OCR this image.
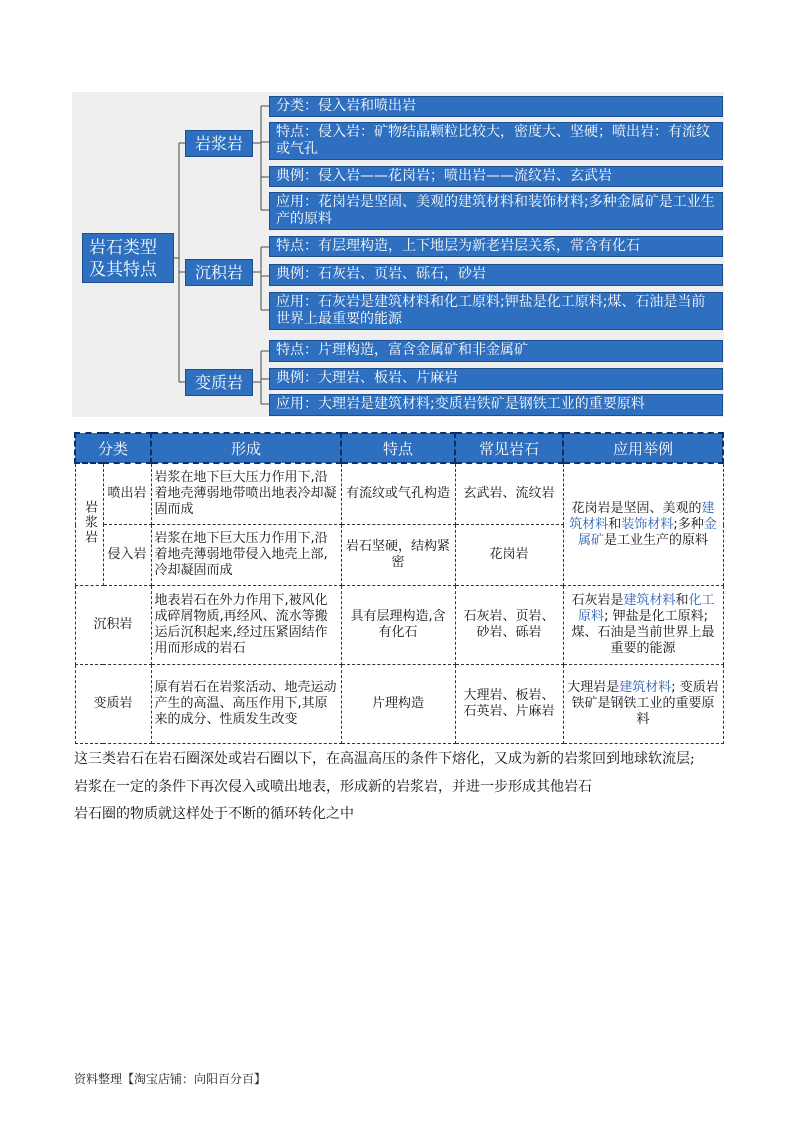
岩石类型及其特点
岩浆岩
沉积岩
变质岩
分类：侵入岩和喷出岩
特点：侵入岩：矿物结晶颗粒比较大，密度大、坚硬；喷出岩：有流纹或气孔
典例：侵入岩——花岗岩；喷出岩——流纹岩、玄武岩
应用：花岗岩是坚固、美观的建筑材料和装饰材料;多种金属矿是工业生产的原料
特点：有层理构造，上下地层为新老岩层关系，常含有化石
典例：石灰岩、页岩、砾石，砂岩
应用：石灰岩是建筑材料和化工原料;钾盐是化工原料;煤、石油是当前世界上最重要的能源
特点：片理构造，富含金属矿和非金属矿
典例：大理岩、板岩、片麻岩
应用：大理岩是建筑材料;变质岩铁矿是钢铁工业的重要原料
分类		形成	特点	常见岩石	应用举例
岩浆岩	喷出岩	岩浆在地下巨大压力作用下,沿着地壳薄弱地带喷出地表冷却凝固而成	有流纹或气孔构造	玄武岩、流纹岩	花岗岩是坚固、美观的建筑材料和装饰材料;多种金属矿是工业生产的原料
	侵入岩	岩浆在地下巨大压力作用下,沿着地壳薄弱地带侵入地壳上部,冷却凝固而成	岩石坚硬，结构紧密	花岗岩	
沉积岩		地表岩石在外力作用下,被风化成碎屑物质,再经风、流水等搬运后沉积起来,经过压紧固结作用而形成的岩石	具有层理构造,含有化石	石灰岩、页岩、砂岩、砾岩	石灰岩是建筑材料和化工原料; 钾盐是化工原料;煤、石油是当前世界上最重要的能源
变质岩		原有岩石在岩浆活动、地壳运动产生的高温、高压作用下,其原来的成分、性质发生改变	片理构造	大理岩、板岩、石英岩、片麻岩	大理岩是建筑材料; 变质岩铁矿是钢铁工业的重要原料
这三类岩石在岩石圈深处或岩石圈以下，在高温高压的条件下熔化，又成为新的岩浆回到地球软流层;
岩浆在一定的条件下再次侵入或喷出地表，形成新的岩浆岩，并进一步形成其他岩石
岩石圈的物质就这样处于不断的循环转化之中
资料整理【淘宝店铺：向阳百分百】
